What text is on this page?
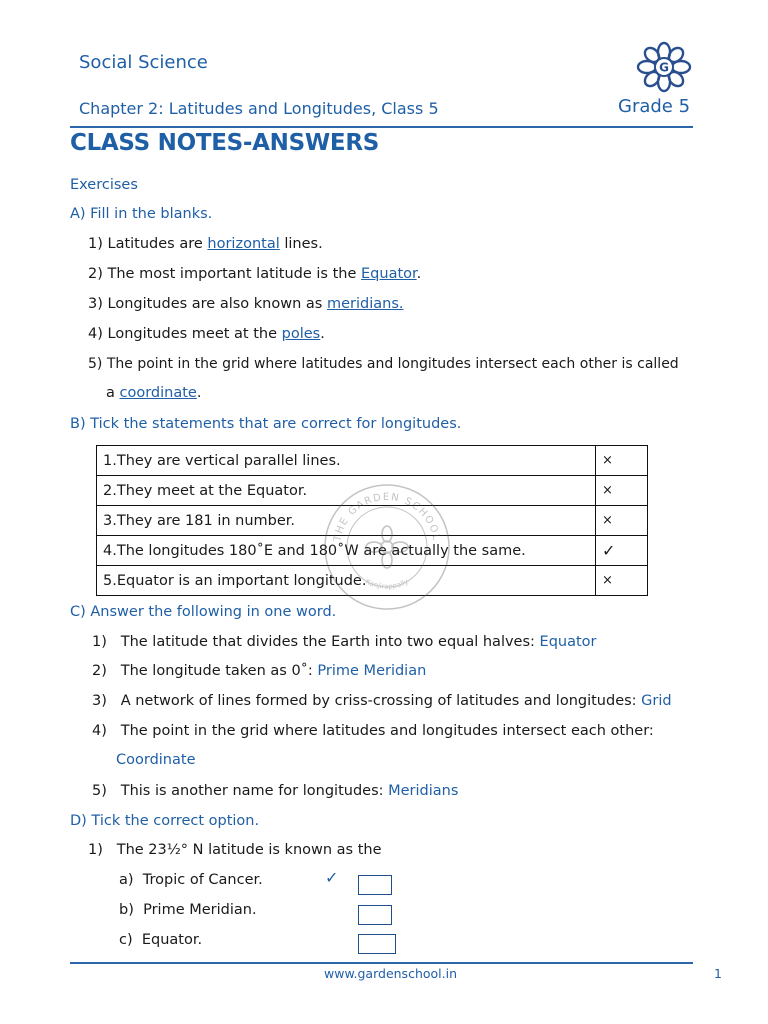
Social Science
Chapter 2: Latitudes and Longitudes, Class 5	Grade 5
G
CLASS NOTES-ANSWERS
Exercises
A) Fill in the blanks.
1) Latitudes are horizontal lines.
2) The most important latitude is the Equator.
3) Longitudes are also known as meridians.
4) Longitudes meet at the poles.
5) The point in the grid where latitudes and longitudes intersect each other is called
a coordinate.
B) Tick the statements that are correct for longitudes.
1.They are vertical parallel lines.	×
2.They meet at the Equator.	×
3.They are 181 in number.	×
4.The longitudes 180˚E and 180˚W are actually the same.	✓
5.Equator is an important longitude.	×
THE GARDEN SCHOOL
Kanjirappally
C) Answer the following in one word.
1) The latitude that divides the Earth into two equal halves: Equator
2) The longitude taken as 0˚: Prime Meridian
3) A network of lines formed by criss-crossing of latitudes and longitudes: Grid
4) The point in the grid where latitudes and longitudes intersect each other:
Coordinate
5) This is another name for longitudes: Meridians
D) Tick the correct option.
1) The 23½° N latitude is known as the
a) Tropic of Cancer.	✓
b) Prime Meridian.
c) Equator.
www.gardenschool.in	1
